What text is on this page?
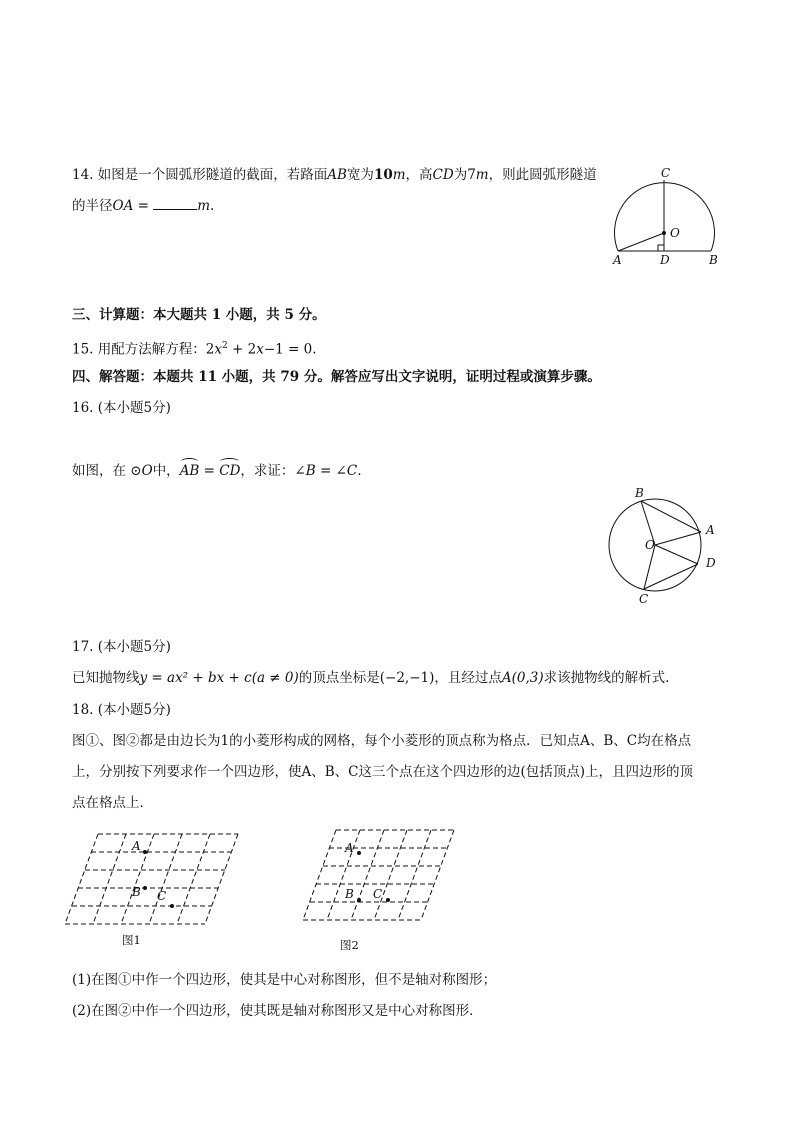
14. 如图是一个圆弧形隧道的截面，若路面AB宽为10m，高CD为7m，则此圆弧形隧道
的半径OA =	m.
C
O
A	D	B
三、计算题：本大题共 1 小题，共 5 分。
15. 用配方法解方程：$2x^2 + 2x-1 = 0$.
四、解答题：本题共 11 小题，共 79 分。解答应写出文字说明，证明过程或演算步骤。
16. (本小题5分)
如图，在 ⊙O中，AB = CD，求证：∠B = ∠C.
B
A
O
D
C
17. (本小题5分)
已知抛物线y = ax² + bx + c(a ≠ 0)的顶点坐标是(−2,−1)，且经过点A(0,3)求该抛物线的解析式.
18. (本小题5分)
图①、图②都是由边长为1的小菱形构成的网格，每个小菱形的顶点称为格点．已知点A、B、C均在格点
上，分别按下列要求作一个四边形，使A、B、C这三个点在这个四边形的边(包括顶点)上，且四边形的顶
点在格点上．
A
B C
图1
A
B C
图2
(1)在图①中作一个四边形，使其是中心对称图形，但不是轴对称图形；
(2)在图②中作一个四边形，使其既是轴对称图形又是中心对称图形．
